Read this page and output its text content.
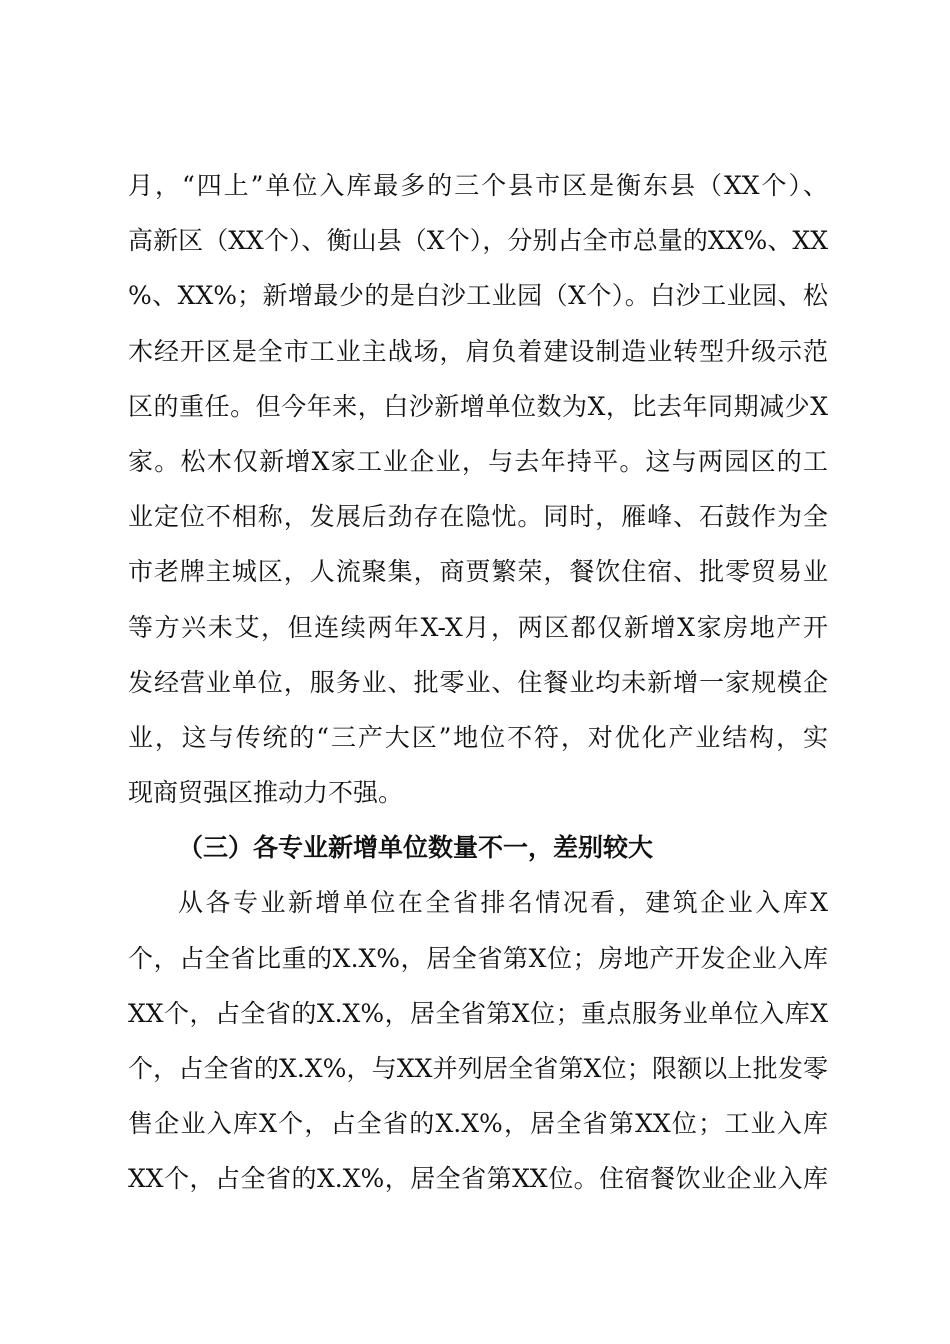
月，“四上”单位入库最多的三个县市区是衡东县（XX个）、
高新区（XX个）、衡山县（X个），分别占全市总量的XX%、XX
%、XX%；新增最少的是白沙工业园（X个）。白沙工业园、松
木经开区是全市工业主战场，肩负着建设制造业转型升级示范
区的重任。但今年来，白沙新增单位数为X，比去年同期减少X
家。松木仅新增X家工业企业，与去年持平。这与两园区的工
业定位不相称，发展后劲存在隐忧。同时，雁峰、石鼓作为全
市老牌主城区，人流聚集，商贾繁荣，餐饮住宿、批零贸易业
等方兴未艾，但连续两年X-X月，两区都仅新增X家房地产开
发经营业单位，服务业、批零业、住餐业均未新增一家规模企
业，这与传统的“三产大区”地位不符，对优化产业结构，实
现商贸强区推动力不强。
（三）各专业新增单位数量不一，差别较大
从各专业新增单位在全省排名情况看，建筑企业入库X
个，占全省比重的X.X%，居全省第X位；房地产开发企业入库
XX个，占全省的X.X%，居全省第X位；重点服务业单位入库X
个，占全省的X.X%，与XX并列居全省第X位；限额以上批发零
售企业入库X个，占全省的X.X%，居全省第XX位；工业入库
XX个，占全省的X.X%，居全省第XX位。住宿餐饮业企业入库
